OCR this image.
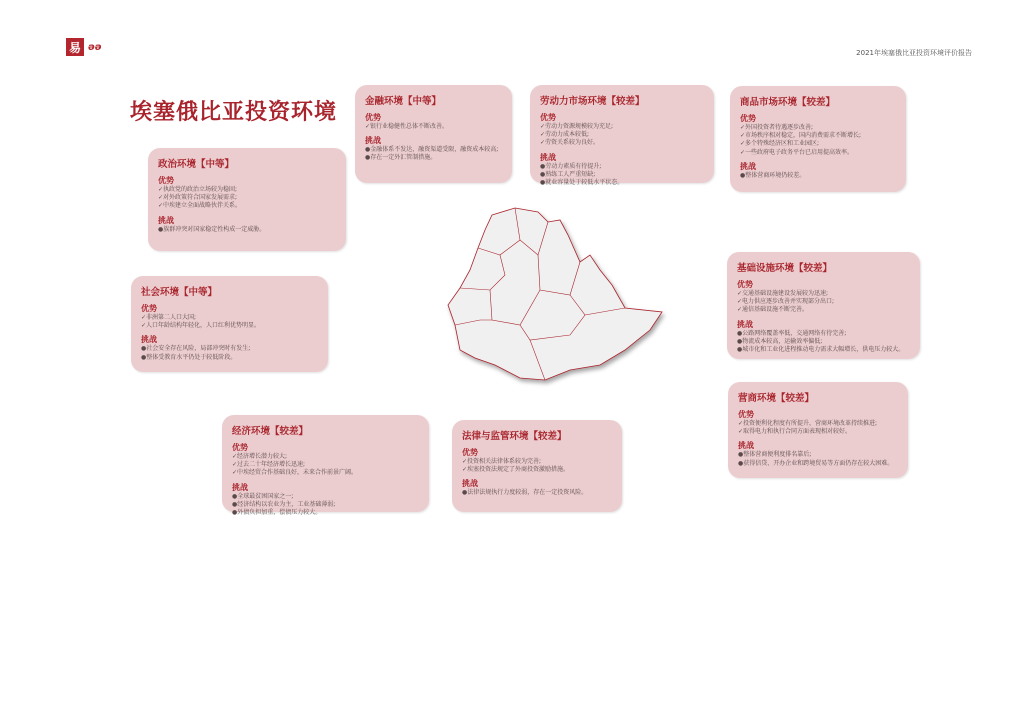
易 ǝǝ
2021年埃塞俄比亚投资环境评价报告
埃塞俄比亚投资环境
政治环境【中等】
优势
✓执政党的政治立场较为稳固;
✓对外政策符合国家发展需求;
✓中埃建立全面战略伙伴关系。
挑战
●族群冲突对国家稳定性构成一定威胁。
金融环境【中等】
优势
✓银行业稳健性总体不断改善。
挑战
●金融体系不发达，融资渠道受限，融资成本较高;
●存在一定外汇管制措施。
劳动力市场环境【较差】
优势
✓劳动力资源规模较为充足;
✓劳动力成本较低;
✓劳资关系较为良好。
挑战
●劳动力素质有待提升;
●熟练工人严重短缺;
●就业容量处于较低水平状态。
商品市场环境【较差】
优势
✓外国投资者待遇逐步改善;
✓市场秩序相对稳定，国内消费需求不断增长;
✓多个特殊经济区和工业园区;
✓一些政府电子政务平台已启用提高效率。
挑战
●整体营商环境仍较差。
社会环境【中等】
优势
✓非洲第二人口大国;
✓人口年龄结构年轻化，人口红利优势明显。
挑战
●社会安全存在风险，局部冲突时有发生;
●整体受教育水平仍处于较低阶段。
基础设施环境【较差】
优势
✓交通基础设施建设发展较为迅速;
✓电力供应逐步改善并实现部分出口;
✓通信基础设施不断完善。
挑战
●公路网络覆盖率低，交通网络有待完善;
●物流成本较高，运输效率偏低;
●城市化和工业化进程推动电力需求大幅增长，供电压力较大。
营商环境【较差】
优势
✓投资便利化程度有所提升，营商环境改革持续推进;
✓取得电力和执行合同方面表现相对较好。
挑战
●整体营商便利度排名靠后;
●获得信贷、开办企业和跨境贸易等方面仍存在较大困难。
经济环境【较差】
优势
✓经济增长潜力较大;
✓过去二十年经济增长迅速;
✓中埃经贸合作基础良好，未来合作前景广阔。
挑战
●全球最贫困国家之一;
●经济结构以农业为主，工业基础薄弱;
●外债负担加重，偿债压力较大。
法律与监管环境【较差】
优势
✓投资相关法律体系较为完善;
✓埃塞投资法规定了外商投资激励措施。
挑战
●法律法规执行力度较弱，存在一定投资风险。
